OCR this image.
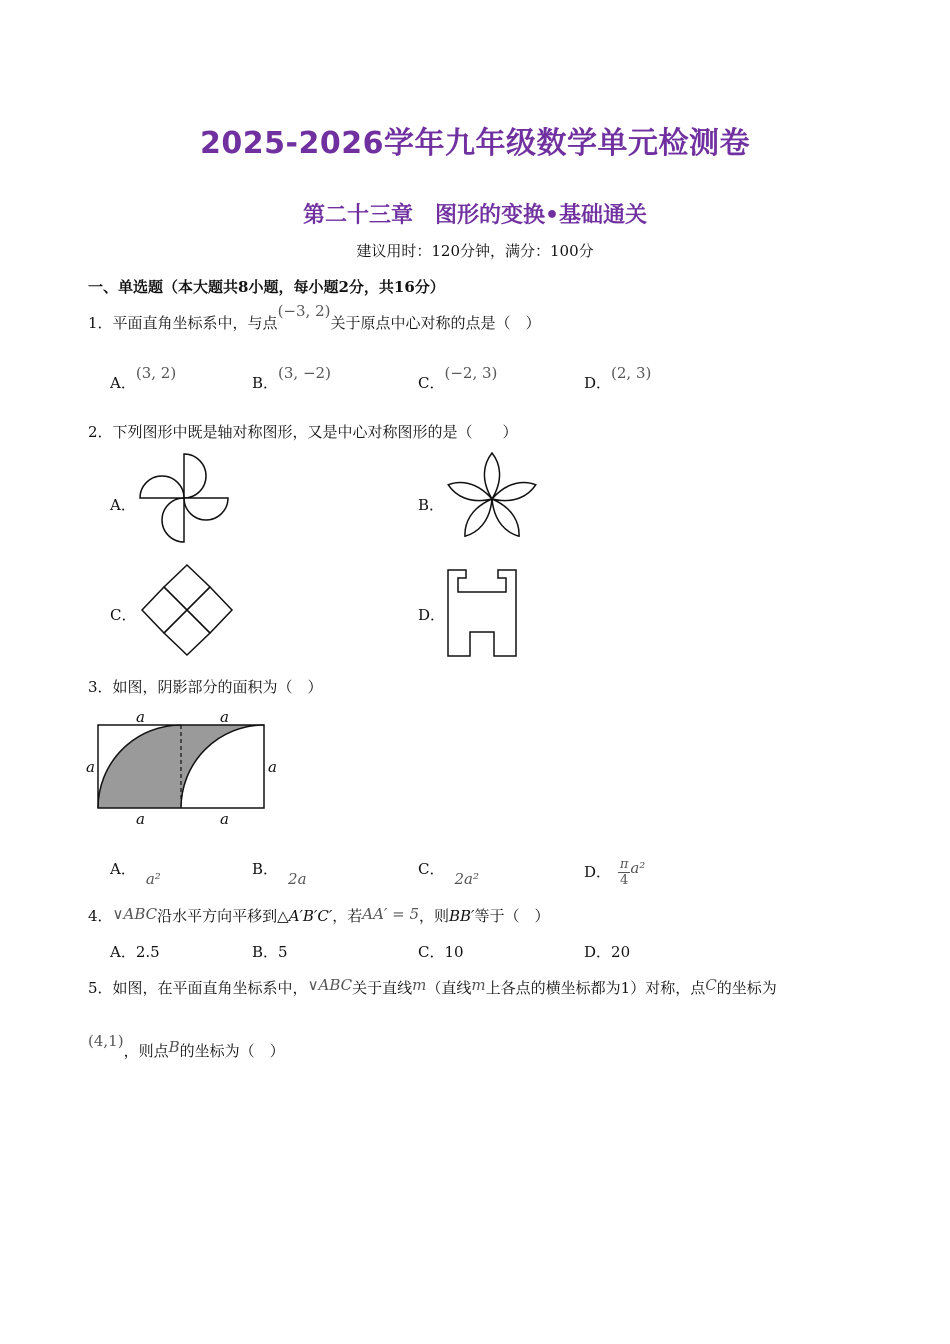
2025-2026学年九年级数学单元检测卷
第二十三章　图形的变换•基础通关
建议用时：120分钟，满分：100分
一、单选题（本大题共8小题，每小题2分，共16分）
1．平面直角坐标系中，与点(−3, 2)关于原点中心对称的点是（　）
A．(3, 2)
B．(3, −2)
C．(−2, 3)
D．(2, 3)
2．下列图形中既是轴对称图形，又是中心对称图形的是（　　）
A．	B．
C．	D．
3．如图，阴影部分的面积为（　）
a	a
a	a
a	a
A．a²
B．2a
C．2a²	D． $\frac{\pi}{4} a^2$
4．∨ABC沿水平方向平移到△A′B′C′，若AA′ = 5，则BB′等于（　）
A．2.5	B．5	C．10	D．20
5．如图，在平面直角坐标系中，∨ABC关于直线m（直线m上各点的横坐标都为1）对称，点C的坐标为
(4,1)，则点B的坐标为（　）
